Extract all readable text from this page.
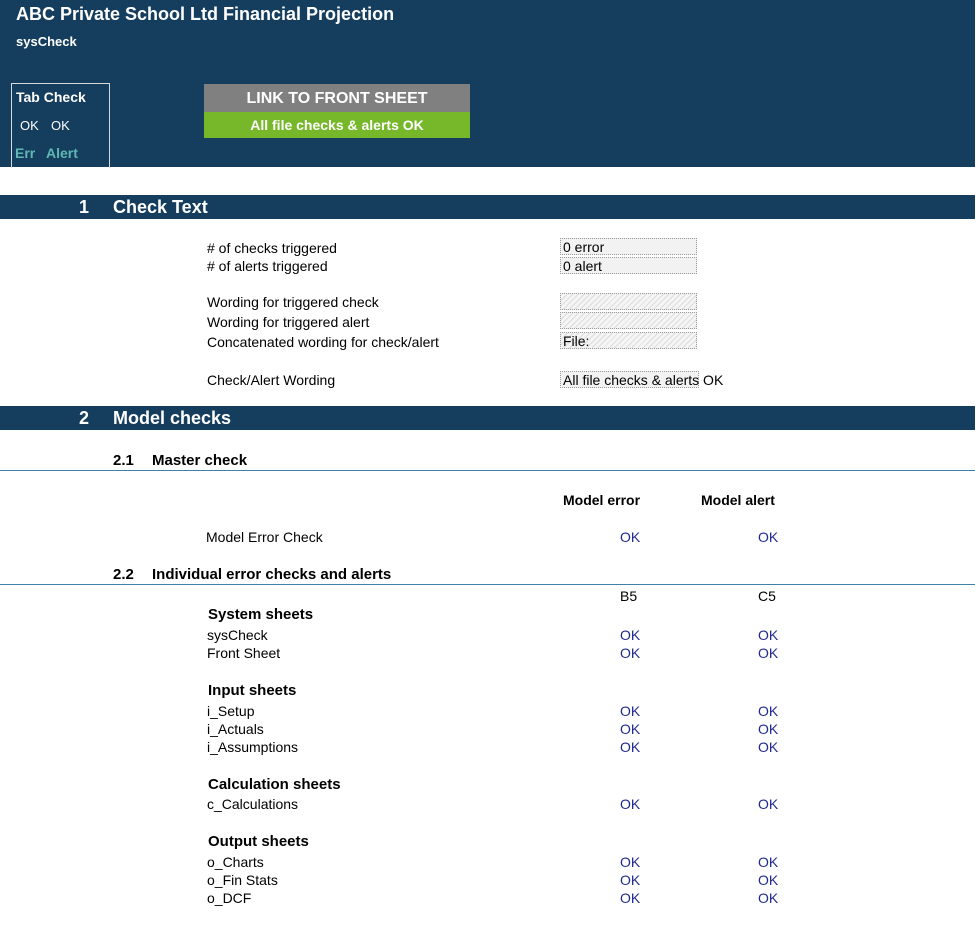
ABC Private School Ltd Financial Projection
sysCheck
Tab Check
OK OK
Err Alert
LINK TO FRONT SHEET
All file checks & alerts OK
1 Check Text
# of checks triggered	0 error
# of alerts triggered	0 alert
Wording for triggered check
Wording for triggered alert
Concatenated wording for check/alert	File:
Check/Alert Wording	All file checks & alerts OK
2 Model checks
2.1 Master check
Model error	Model alert
Model Error Check	OK	OK
2.2 Individual error checks and alerts
B5	C5
System sheets
sysCheck	OK	OK
Front Sheet	OK	OK
Input sheets
i_Setup	OK	OK
i_Actuals	OK	OK
i_Assumptions	OK	OK
Calculation sheets
c_Calculations	OK	OK
Output sheets
o_Charts	OK	OK
o_Fin Stats	OK	OK
o_DCF	OK	OK
